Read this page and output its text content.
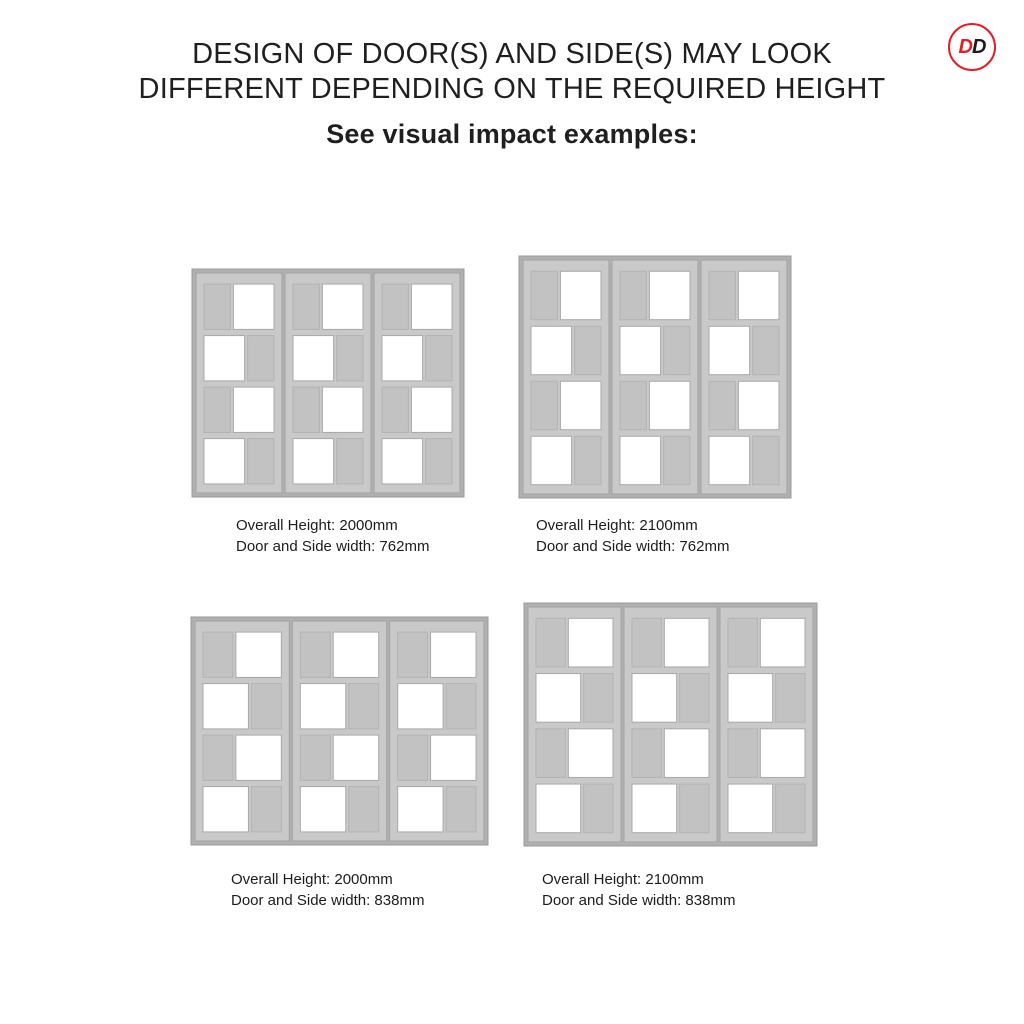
DESIGN OF DOOR(S) AND SIDE(S) MAY LOOK
DIFFERENT DEPENDING ON THE REQUIRED HEIGHT
See visual impact examples:
D D
Overall Height: 2000mm
Door and Side width: 762mm
Overall Height: 2100mm
Door and Side width: 762mm
Overall Height: 2000mm
Door and Side width: 838mm
Overall Height: 2100mm
Door and Side width: 838mm
